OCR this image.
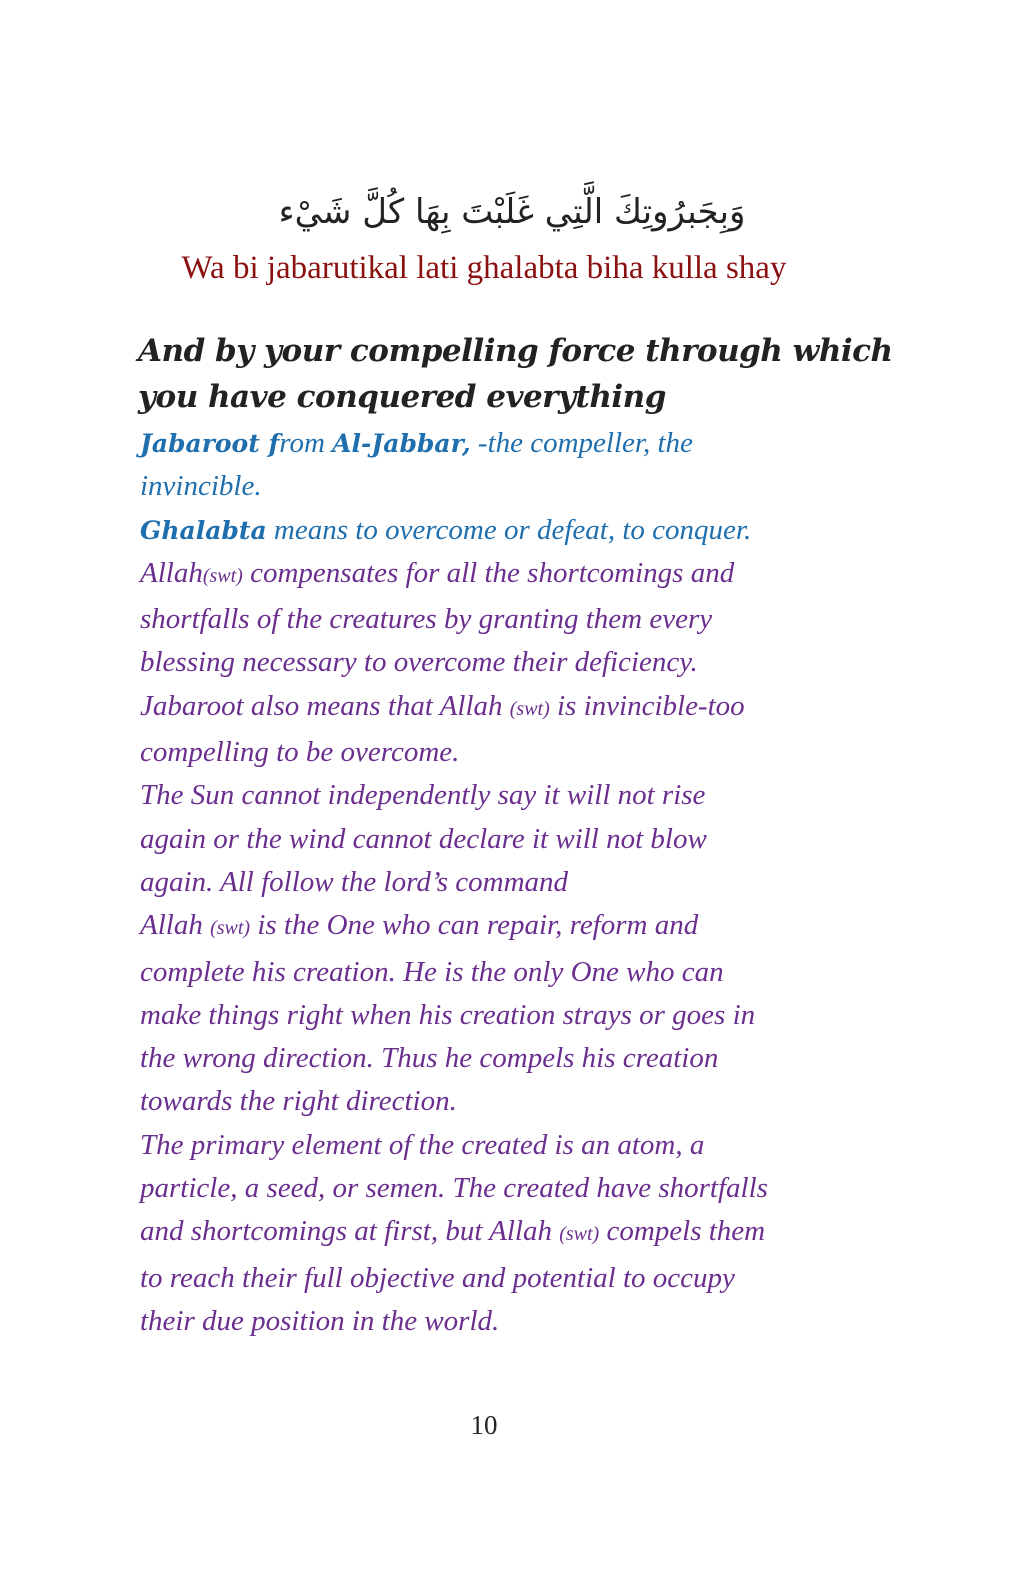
وَبِجَبرُوتِكَ الَّتِي غَلَبْتَ بِهَا كُلَّ شَيْء
Wa bi jabarutikal lati ghalabta biha kulla shay
And by your compelling force through which
you have conquered everything
Jabaroot from Al-Jabbar, -the compeller, the
invincible.
Ghalabta means to overcome or defeat, to conquer.
Allah(swt) compensates for all the shortcomings and
shortfalls of the creatures by granting them every
blessing necessary to overcome their deficiency.
Jabaroot also means that Allah (swt) is invincible-too
compelling to be overcome.
The Sun cannot independently say it will not rise
again or the wind cannot declare it will not blow
again. All follow the lord’s command
Allah (swt) is the One who can repair, reform and
complete his creation. He is the only One who can
make things right when his creation strays or goes in
the wrong direction. Thus he compels his creation
towards the right direction.
The primary element of the created is an atom, a
particle, a seed, or semen. The created have shortfalls
and shortcomings at first, but Allah (swt) compels them
to reach their full objective and potential to occupy
their due position in the world.
10
